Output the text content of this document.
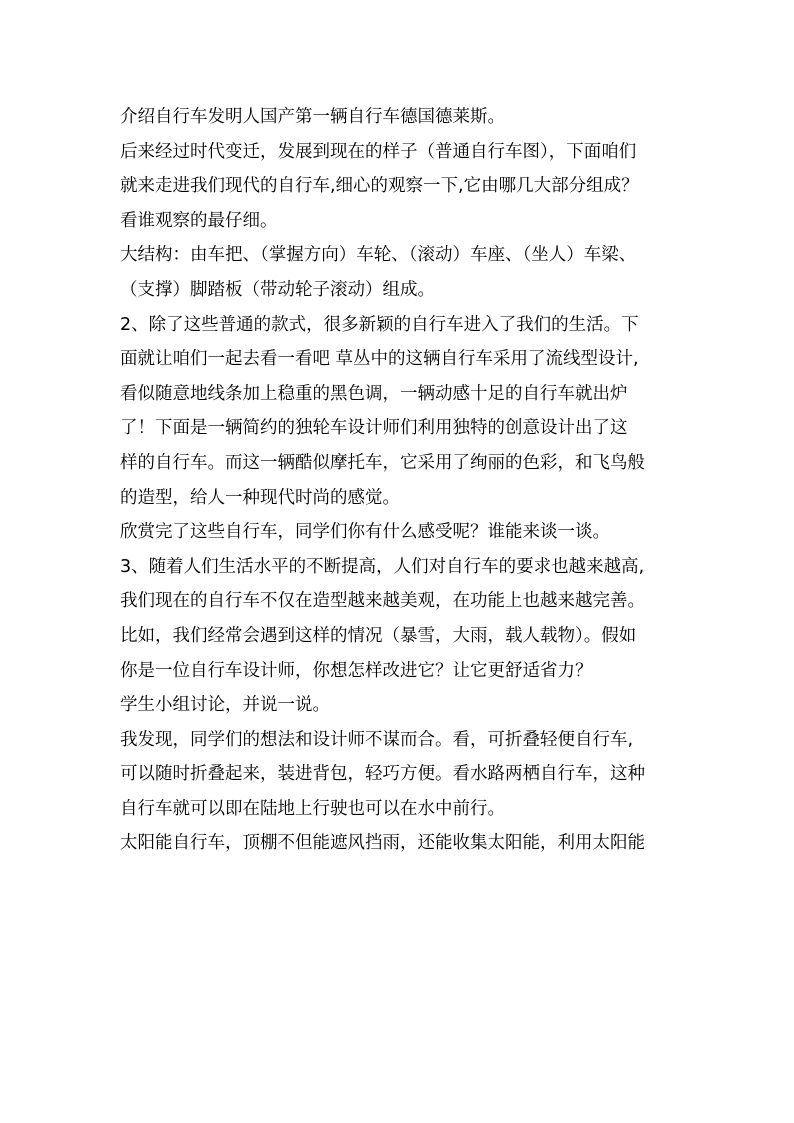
介绍自行车发明人国产第一辆自行车德国德莱斯。
后来经过时代变迁，发展到现在的样子（普通自行车图），下面咱们
就来走进我们现代的自行车,细心的观察一下,它由哪几大部分组成？
看谁观察的最仔细。
大结构：由车把、（掌握方向）车轮、（滚动）车座、（坐人）车梁、
（支撑）脚踏板（带动轮子滚动）组成。
2、除了这些普通的款式，很多新颖的自行车进入了我们的生活。下
面就让咱们一起去看一看吧 草丛中的这辆自行车采用了流线型设计,
看似随意地线条加上稳重的黑色调，一辆动感十足的自行车就出炉
了！下面是一辆简约的独轮车设计师们利用独特的创意设计出了这
样的自行车。而这一辆酷似摩托车，它采用了绚丽的色彩，和飞鸟般
的造型，给人一种现代时尚的感觉。
欣赏完了这些自行车，同学们你有什么感受呢？谁能来谈一谈。
3、随着人们生活水平的不断提高，人们对自行车的要求也越来越高,
我们现在的自行车不仅在造型越来越美观，在功能上也越来越完善。
比如，我们经常会遇到这样的情况（暴雪，大雨，载人载物）。假如
你是一位自行车设计师，你想怎样改进它？让它更舒适省力？
学生小组讨论，并说一说。
我发现，同学们的想法和设计师不谋而合。看，可折叠轻便自行车,
可以随时折叠起来，装进背包，轻巧方便。看水路两栖自行车，这种
自行车就可以即在陆地上行驶也可以在水中前行。
太阳能自行车，顶棚不但能遮风挡雨，还能收集太阳能，利用太阳能
